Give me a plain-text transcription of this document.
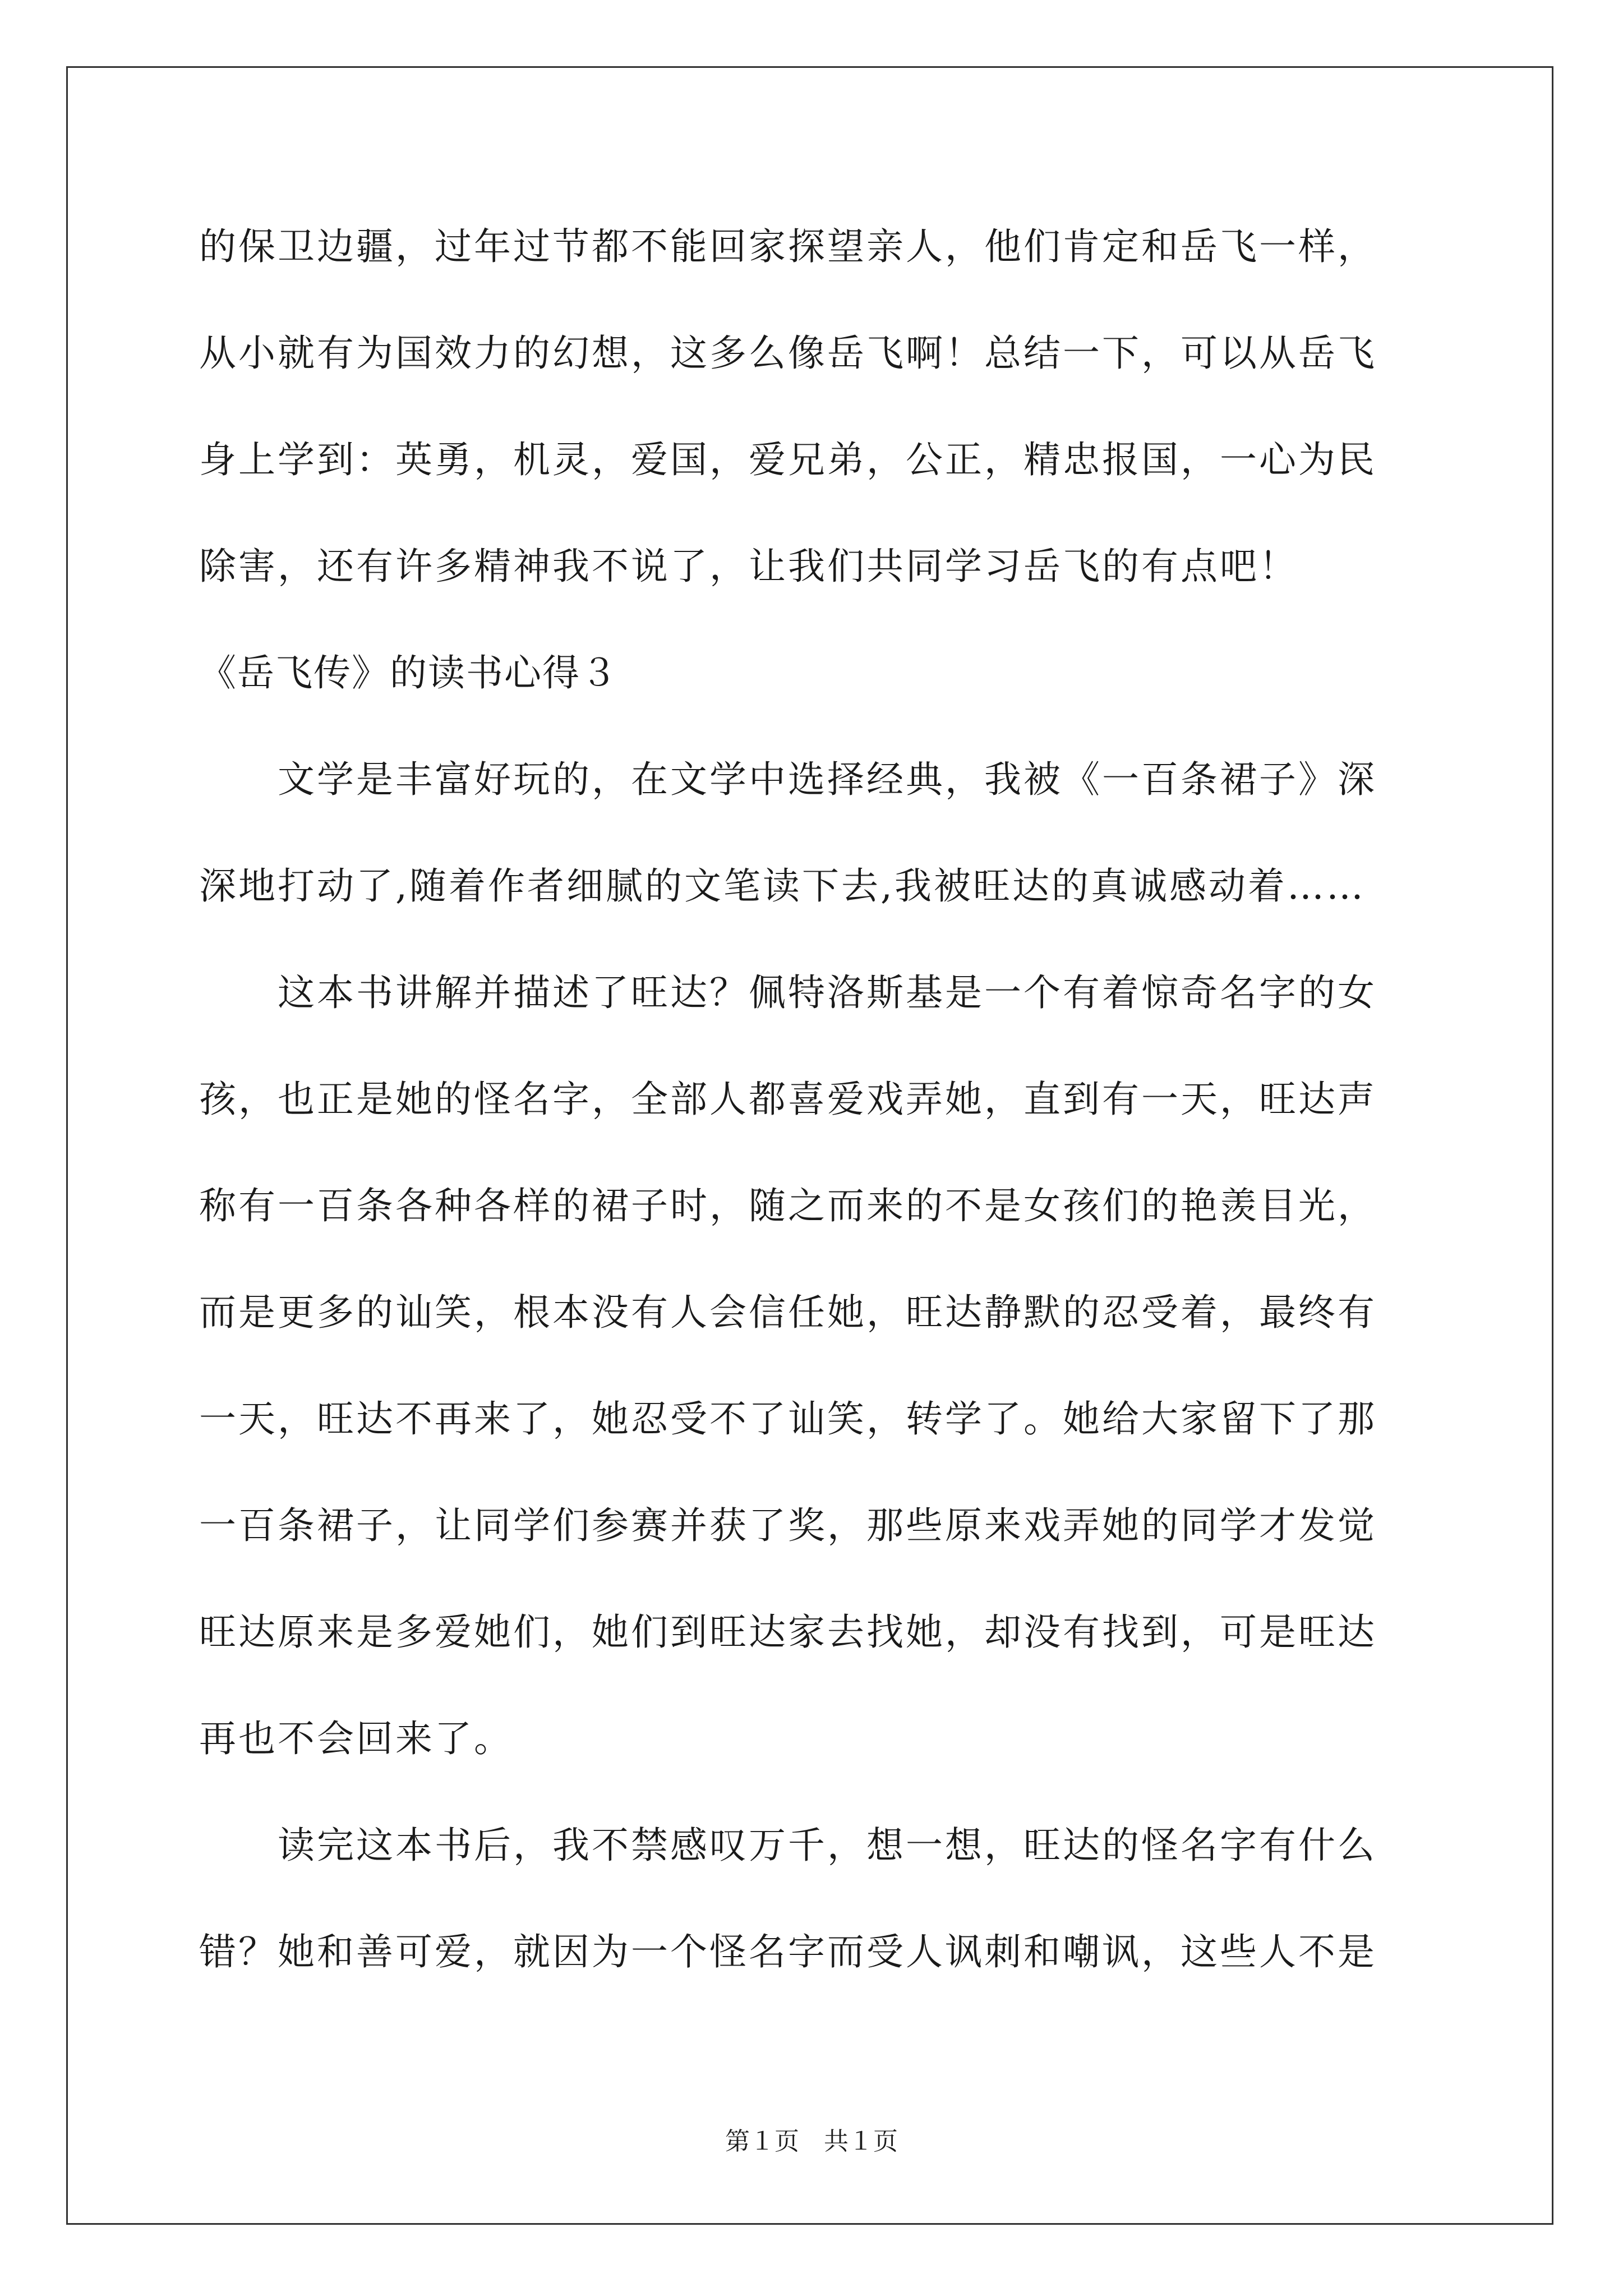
的保卫边疆，过年过节都不能回家探望亲人，他们肯定和岳飞一样，
从小就有为国效力的幻想，这多么像岳飞啊！总结一下，可以从岳飞
身上学到：英勇，机灵，爱国，爱兄弟，公正，精忠报国，一心为民
除害，还有许多精神我不说了，让我们共同学习岳飞的有点吧！
《岳飞传》的读书心得３
文学是丰富好玩的，在文学中选择经典，我被《一百条裙子》深
深地打动了,随着作者细腻的文笔读下去,我被旺达的真诚感动着……
这本书讲解并描述了旺达？佩特洛斯基是一个有着惊奇名字的女
孩，也正是她的怪名字，全部人都喜爱戏弄她，直到有一天，旺达声
称有一百条各种各样的裙子时，随之而来的不是女孩们的艳羡目光，
而是更多的讪笑，根本没有人会信任她，旺达静默的忍受着，最终有
一天，旺达不再来了，她忍受不了讪笑，转学了。她给大家留下了那
一百条裙子，让同学们参赛并获了奖，那些原来戏弄她的同学才发觉
旺达原来是多爱她们，她们到旺达家去找她，却没有找到，可是旺达
再也不会回来了。
读完这本书后，我不禁感叹万千，想一想，旺达的怪名字有什么
错？她和善可爱，就因为一个怪名字而受人讽刺和嘲讽，这些人不是
第１页　共１页
